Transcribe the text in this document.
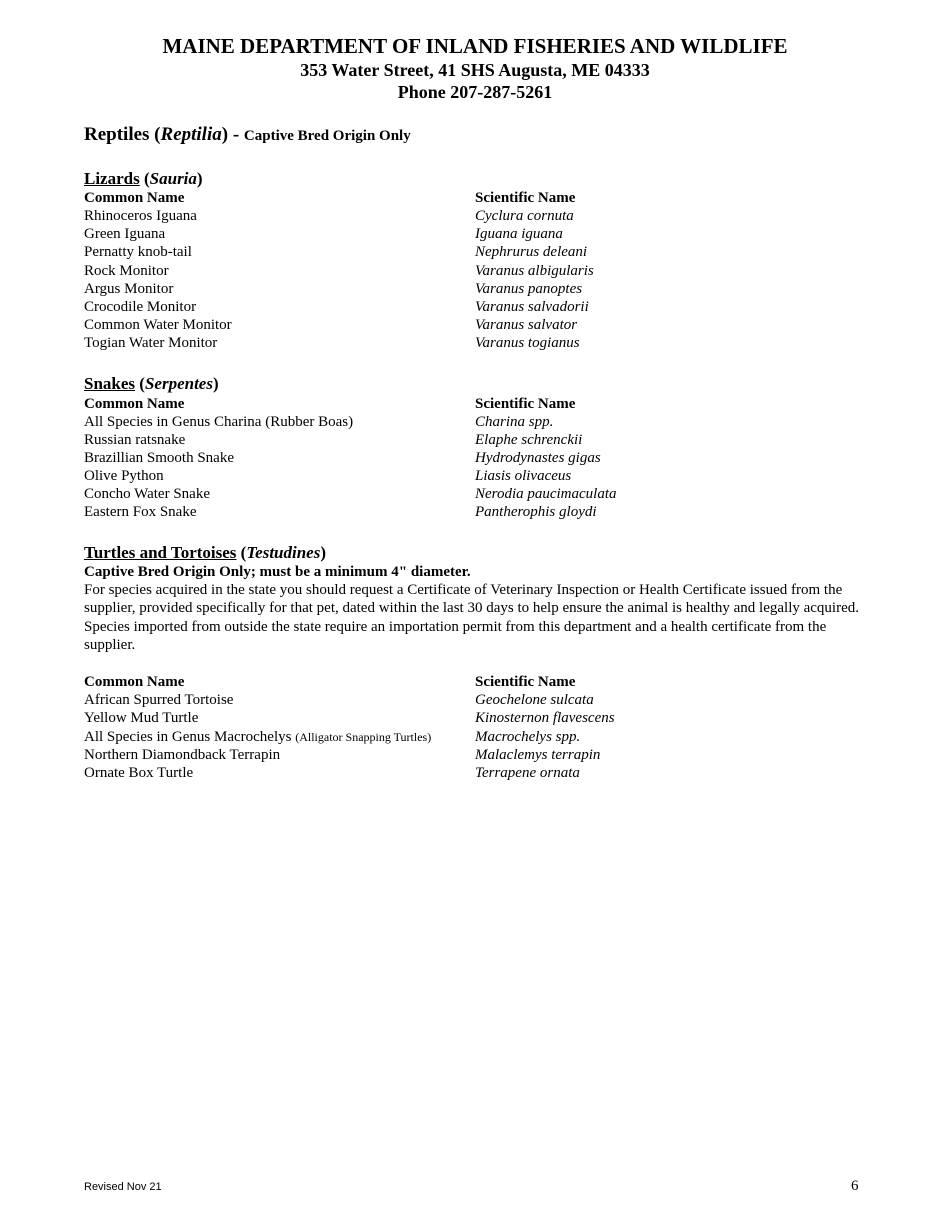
MAINE DEPARTMENT OF INLAND FISHERIES AND WILDLIFE
353 Water Street, 41 SHS Augusta, ME 04333
Phone 207-287-5261
Reptiles (Reptilia) - Captive Bred Origin Only
Lizards (Sauria)
Common Name	Scientific Name
Rhinoceros Iguana	Cyclura cornuta
Green Iguana	Iguana iguana
Pernatty knob-tail	Nephrurus deleani
Rock Monitor	Varanus albigularis
Argus Monitor	Varanus panoptes
Crocodile Monitor	Varanus salvadorii
Common Water Monitor	Varanus salvator
Togian Water Monitor	Varanus togianus
Snakes (Serpentes)
Common Name	Scientific Name
All Species in Genus Charina (Rubber Boas)	Charina spp.
Russian ratsnake	Elaphe schrenckii
Brazillian Smooth Snake	Hydrodynastes gigas
Olive Python	Liasis olivaceus
Concho Water Snake	Nerodia paucimaculata
Eastern Fox Snake	Pantherophis gloydi
Turtles and Tortoises (Testudines)
Captive Bred Origin Only; must be a minimum 4" diameter.
For species acquired in the state you should request a Certificate of Veterinary Inspection or Health Certificate issued from the supplier, provided specifically for that pet, dated within the last 30 days to help ensure the animal is healthy and legally acquired. Species imported from outside the state require an importation permit from this department and a health certificate from the supplier.
Common Name	Scientific Name
African Spurred Tortoise	Geochelone sulcata
Yellow Mud Turtle	Kinosternon flavescens
All Species in Genus Macrochelys (Alligator Snapping Turtles)	Macrochelys spp.
Northern Diamondback Terrapin	Malaclemys terrapin
Ornate Box Turtle	Terrapene ornata
Revised Nov 21	6
